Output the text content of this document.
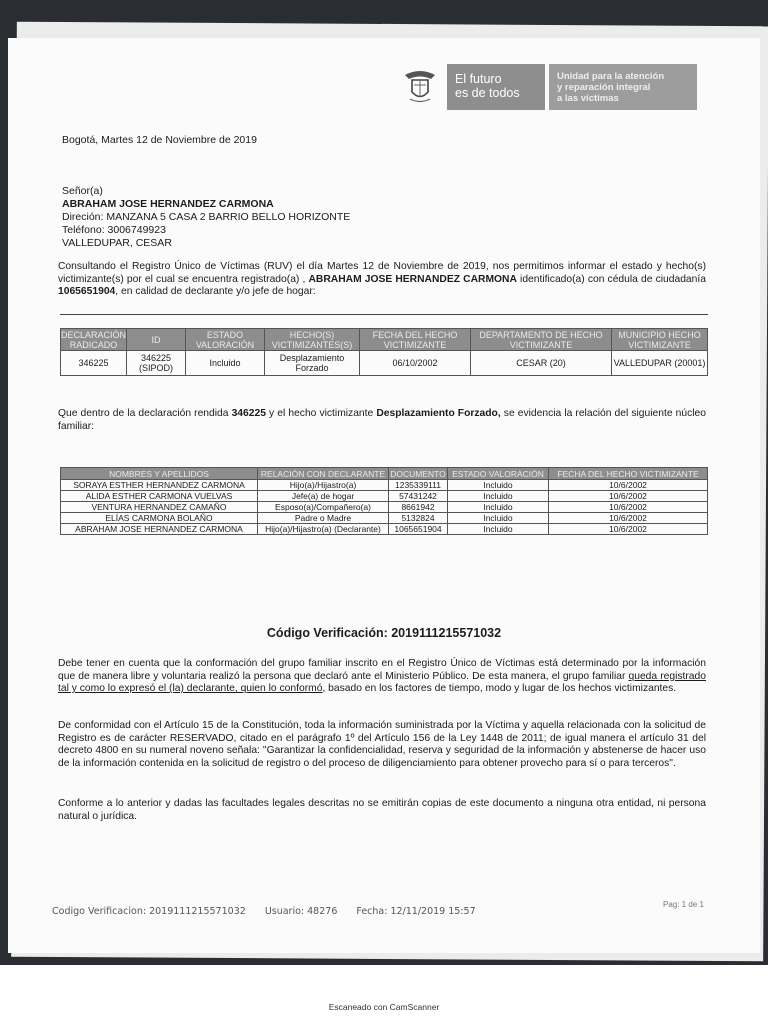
El futuro
es de todos
Unidad para la atención
y reparación integral
a las víctimas
Bogotá, Martes 12 de Noviembre de 2019
Señor(a)
ABRAHAM JOSE HERNANDEZ CARMONA
Direción: MANZANA 5 CASA 2 BARRIO BELLO HORIZONTE
Teléfono: 3006749923
VALLEDUPAR, CESAR
Consultando el Registro Único de Víctimas (RUV) el día Martes 12 de Noviembre de 2019, nos permitimos informar el estado y hecho(s) victimizante(s) por el cual se encuentra registrado(a) , ABRAHAM JOSE HERNANDEZ CARMONA identificado(a) con cédula de ciudadanía 1065651904, en calidad de declarante y/o jefe de hogar:
DECLARACIÓN RADICADO	ID	ESTADO VALORACIÓN	HECHO(S) VICTIMIZANTES(S)	FECHA DEL HECHO VICTIMIZANTE	DEPARTAMENTO DE HECHO VICTIMIZANTE	MUNICIPIO HECHO VICTIMIZANTE
346225	346225 (SIPOD)	Incluido	Desplazamiento Forzado	06/10/2002	CESAR (20)	VALLEDUPAR (20001)
Que dentro de la declaración rendida 346225 y el hecho victimizante Desplazamiento Forzado, se evidencia la relación del siguiente núcleo familiar:
NOMBRES Y APELLIDOS	RELACIÓN CON DECLARANTE	DOCUMENTO	ESTADO VALORACIÓN	FECHA DEL HECHO VICTIMIZANTE
SORAYA ESTHER HERNANDEZ CARMONA	Hijo(a)/Hijastro(a)	1235339111	Incluido	10/6/2002
ALIDA ESTHER CARMONA VUELVAS	Jefe(a) de hogar	57431242	Incluido	10/6/2002
VENTURA HERNANDEZ CAMAÑO	Esposo(a)/Compañero(a)	8661942	Incluido	10/6/2002
ELÍAS CARMONA BOLAÑO	Padre o Madre	5132824	Incluido	10/6/2002
ABRAHAM JOSE HERNANDEZ CARMONA	Hijo(a)/Hijastro(a) (Declarante)	1065651904	Incluido	10/6/2002
Código Verificación: 2019111215571032
Debe tener en cuenta que la conformación del grupo familiar inscrito en el Registro Único de Víctimas está determinado por la información que de manera libre y voluntaria realizó la persona que declaró ante el Ministerio Público. De esta manera, el grupo familiar queda registrado tal y como lo expresó el (la) declarante, quien lo conformó, basado en los factores de tiempo, modo y lugar de los hechos victimizantes.
De conformidad con el Artículo 15 de la Constitución, toda la información suministrada por la Víctima y aquella relacionada con la solicitud de Registro es de carácter RESERVADO, citado en el parágrafo 1º del Artículo 156 de la Ley 1448 de 2011; de igual manera el artículo 31 del decreto 4800 en su numeral noveno señala: "Garantizar la confidencialidad, reserva y seguridad de la información y abstenerse de hacer uso de la información contenida en la solicitud de registro o del proceso de diligenciamiento para obtener provecho para sí o para terceros".
Conforme a lo anterior y dadas las facultades legales descritas no se emitirán copias de este documento a ninguna otra entidad, ni persona natural o jurídica.
Codigo Verificacion: 2019111215571032 Usuario: 48276 Fecha: 12/11/2019 15:57
Pag: 1 de 1
Escaneado con CamScanner
